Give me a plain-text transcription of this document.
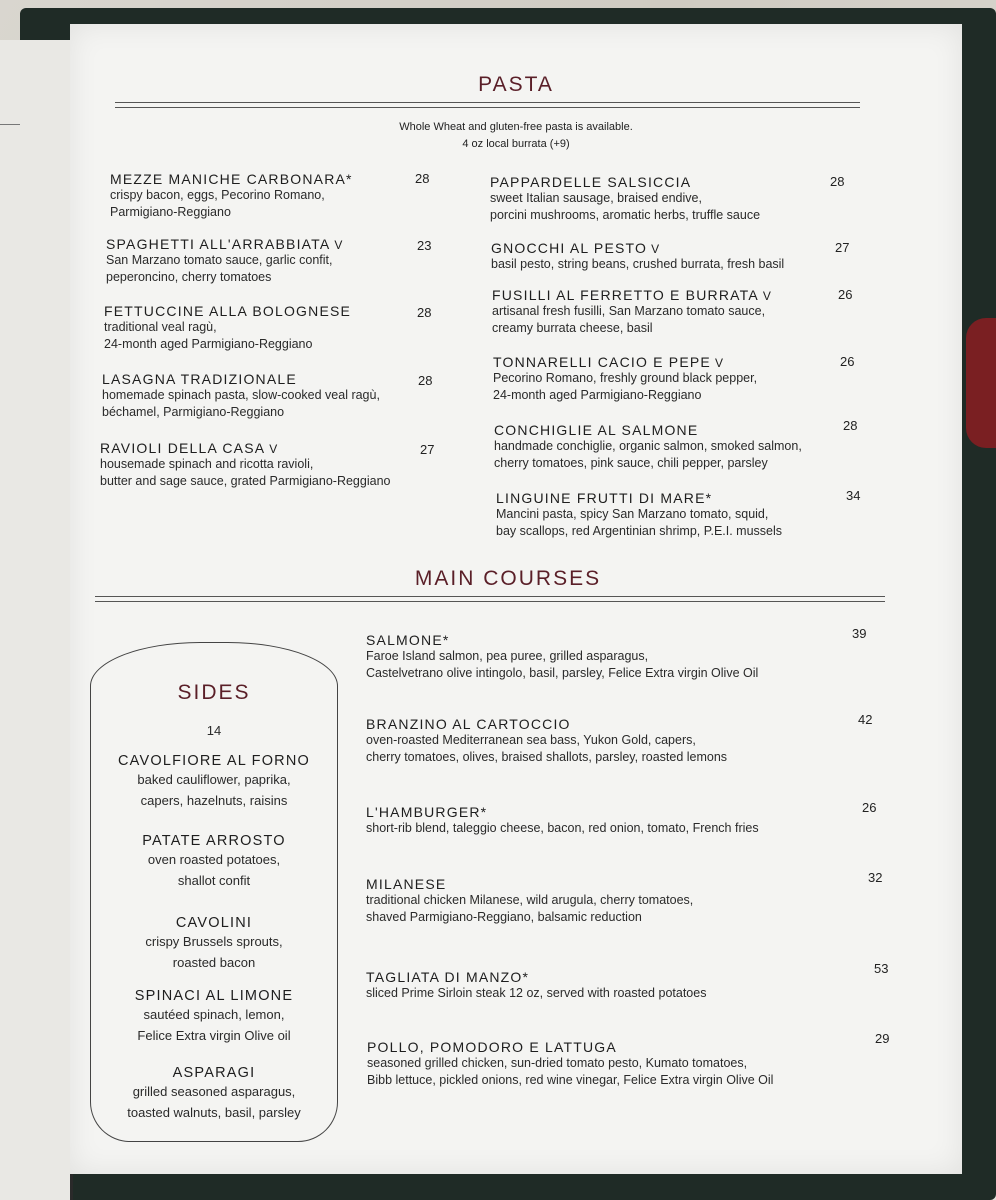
PASTA
Whole Wheat and gluten-free pasta is available.
4 oz local burrata (+9)
MEZZE MANICHE CARBONARA*
crispy bacon, eggs, Pecorino Romano,
Parmigiano-Reggiano
28
SPAGHETTI ALL'ARRABBIATA V
San Marzano tomato sauce, garlic confit,
peperoncino, cherry tomatoes
23
FETTUCCINE ALLA BOLOGNESE
traditional veal ragù,
24-month aged Parmigiano-Reggiano
28
LASAGNA TRADIZIONALE
homemade spinach pasta, slow-cooked veal ragù,
béchamel, Parmigiano-Reggiano
28
RAVIOLI DELLA CASA V
housemade spinach and ricotta ravioli,
butter and sage sauce, grated Parmigiano-Reggiano
27
PAPPARDELLE SALSICCIA
sweet Italian sausage, braised endive,
porcini mushrooms, aromatic herbs, truffle sauce
28
GNOCCHI AL PESTO V
basil pesto, string beans, crushed burrata, fresh basil
27
FUSILLI AL FERRETTO E BURRATA V
artisanal fresh fusilli, San Marzano tomato sauce,
creamy burrata cheese, basil
26
TONNARELLI CACIO E PEPE V
Pecorino Romano, freshly ground black pepper,
24-month aged Parmigiano-Reggiano
26
CONCHIGLIE AL SALMONE
handmade conchiglie, organic salmon, smoked salmon,
cherry tomatoes, pink sauce, chili pepper, parsley
28
LINGUINE FRUTTI DI MARE*
Mancini pasta, spicy San Marzano tomato, squid,
bay scallops, red Argentinian shrimp, P.E.I. mussels
34
MAIN COURSES
SALMONE*
Faroe Island salmon, pea puree, grilled asparagus,
Castelvetrano olive intingolo, basil, parsley, Felice Extra virgin Olive Oil
39
BRANZINO AL CARTOCCIO
oven-roasted Mediterranean sea bass, Yukon Gold, capers,
cherry tomatoes, olives, braised shallots, parsley, roasted lemons
42
L'HAMBURGER*
short-rib blend, taleggio cheese, bacon, red onion, tomato, French fries
26
MILANESE
traditional chicken Milanese, wild arugula, cherry tomatoes,
shaved Parmigiano-Reggiano, balsamic reduction
32
TAGLIATA DI MANZO*
sliced Prime Sirloin steak 12 oz, served with roasted potatoes
53
POLLO, POMODORO E LATTUGA
seasoned grilled chicken, sun-dried tomato pesto, Kumato tomatoes,
Bibb lettuce, pickled onions, red wine vinegar, Felice Extra virgin Olive Oil
29
SIDES
14
CAVOLFIORE AL FORNO
baked cauliflower, paprika,
capers, hazelnuts, raisins
PATATE ARROSTO
oven roasted potatoes,
shallot confit
CAVOLINI
crispy Brussels sprouts,
roasted bacon
SPINACI AL LIMONE
sautéed spinach, lemon,
Felice Extra virgin Olive oil
ASPARAGI
grilled seasoned asparagus,
toasted walnuts, basil, parsley
